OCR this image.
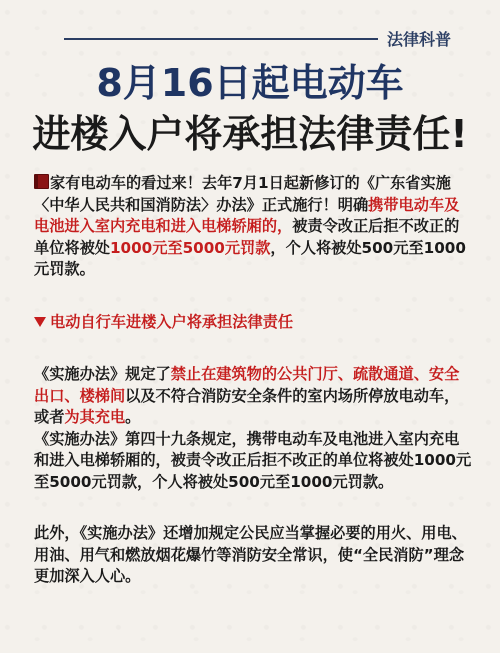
法律科普
8月16日起电动车
进楼入户将承担法律责任!

家有电动车的看过来！去年7月1日起新修订的《广东省实施〈中华人民共和国消防法〉办法》正式施行！明确携带电动车及电池进入室内充电和进入电梯轿厢的，被责令改正后拒不改正的单位将被处1000元至5000元罚款，个人将被处500元至1000元罚款。

电动自行车进楼入户将承担法律责任

《实施办法》规定了禁止在建筑物的公共门厅、疏散通道、安全出口、楼梯间以及不符合消防安全条件的室内场所停放电动车，或者为其充电。

《实施办法》第四十九条规定，携带电动车及电池进入室内充电和进入电梯轿厢的，被责令改正后拒不改正的单位将被处1000元至5000元罚款，个人将被处500元至1000元罚款。

此外，《实施办法》还增加规定公民应当掌握必要的用火、用电、用油、用气和燃放烟花爆竹等消防安全常识，使“全民消防”理念更加深入人心。
